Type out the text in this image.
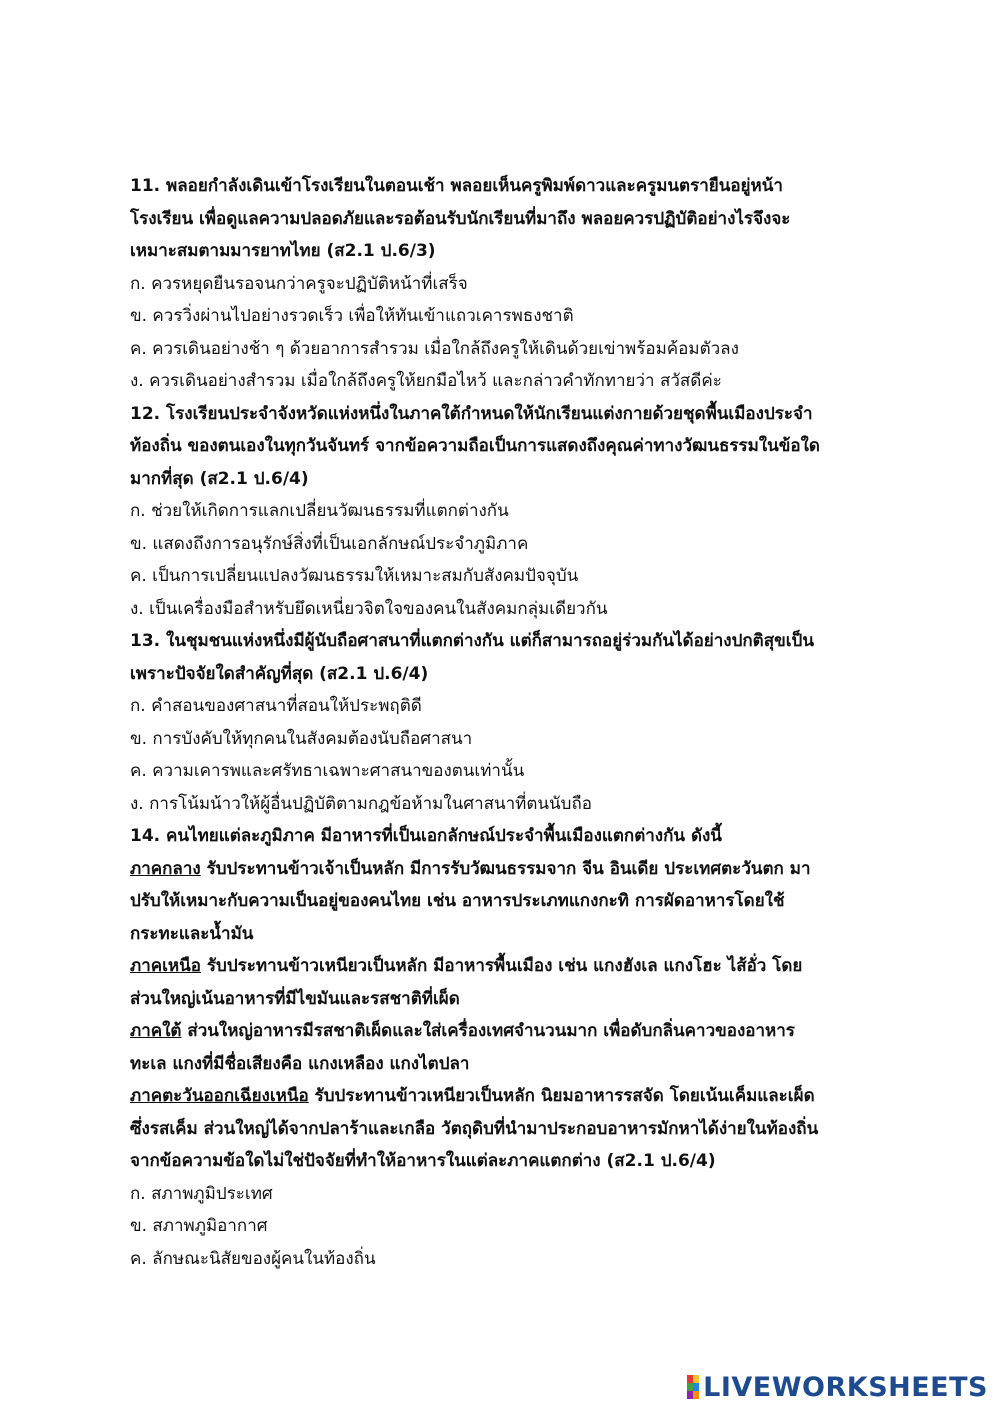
11. พลอยกำลังเดินเข้าโรงเรียนในตอนเช้า พลอยเห็นครูพิมพ์ดาวและครูมนตรายืนอยู่หน้า
โรงเรียน เพื่อดูแลความปลอดภัยและรอต้อนรับนักเรียนที่มาถึง พลอยควรปฏิบัติอย่างไรจึงจะ
เหมาะสมตามมารยาทไทย (ส2.1 ป.6/3)
ก. ควรหยุดยืนรอจนกว่าครูจะปฏิบัติหน้าที่เสร็จ
ข. ควรวิ่งผ่านไปอย่างรวดเร็ว เพื่อให้ทันเข้าแถวเคารพธงชาติ
ค. ควรเดินอย่างช้า ๆ ด้วยอาการสำรวม เมื่อใกล้ถึงครูให้เดินด้วยเข่าพร้อมค้อมตัวลง
ง. ควรเดินอย่างสำรวม เมื่อใกล้ถึงครูให้ยกมือไหว้ และกล่าวคำทักทายว่า สวัสดีค่ะ
12. โรงเรียนประจำจังหวัดแห่งหนึ่งในภาคใต้กำหนดให้นักเรียนแต่งกายด้วยชุดพื้นเมืองประจำ
ท้องถิ่น ของตนเองในทุกวันจันทร์ จากข้อความถือเป็นการแสดงถึงคุณค่าทางวัฒนธรรมในข้อใด
มากที่สุด (ส2.1 ป.6/4)
ก. ช่วยให้เกิดการแลกเปลี่ยนวัฒนธรรมที่แตกต่างกัน
ข. แสดงถึงการอนุรักษ์สิ่งที่เป็นเอกลักษณ์ประจำภูมิภาค
ค. เป็นการเปลี่ยนแปลงวัฒนธรรมให้เหมาะสมกับสังคมปัจจุบัน
ง. เป็นเครื่องมือสำหรับยึดเหนี่ยวจิตใจของคนในสังคมกลุ่มเดียวกัน
13. ในชุมชนแห่งหนึ่งมีผู้นับถือศาสนาที่แตกต่างกัน แต่ก็สามารถอยู่ร่วมกันได้อย่างปกติสุขเป็น
เพราะปัจจัยใดสำคัญที่สุด (ส2.1 ป.6/4)
ก. คำสอนของศาสนาที่สอนให้ประพฤติดี
ข. การบังคับให้ทุกคนในสังคมต้องนับถือศาสนา
ค. ความเคารพและศรัทธาเฉพาะศาสนาของตนเท่านั้น
ง. การโน้มน้าวให้ผู้อื่นปฏิบัติตามกฎข้อห้ามในศาสนาที่ตนนับถือ
14. คนไทยแต่ละภูมิภาค มีอาหารที่เป็นเอกลักษณ์ประจำพื้นเมืองแตกต่างกัน ดังนี้
ภาคกลาง รับประทานข้าวเจ้าเป็นหลัก มีการรับวัฒนธรรมจาก จีน อินเดีย ประเทศตะวันตก มา
ปรับให้เหมาะกับความเป็นอยู่ของคนไทย เช่น อาหารประเภทแกงกะทิ การผัดอาหารโดยใช้
กระทะและน้ำมัน
ภาคเหนือ รับประทานข้าวเหนียวเป็นหลัก มีอาหารพื้นเมือง เช่น แกงฮังเล แกงโฮะ ไส้อั่ว โดย
ส่วนใหญ่เน้นอาหารที่มีไขมันและรสชาติที่เผ็ด
ภาคใต้ ส่วนใหญ่อาหารมีรสชาติเผ็ดและใส่เครื่องเทศจำนวนมาก เพื่อดับกลิ่นคาวของอาหาร
ทะเล แกงที่มีชื่อเสียงคือ แกงเหลือง แกงไตปลา
ภาคตะวันออกเฉียงเหนือ รับประทานข้าวเหนียวเป็นหลัก นิยมอาหารรสจัด โดยเน้นเค็มและเผ็ด
ซึ่งรสเค็ม ส่วนใหญ่ได้จากปลาร้าและเกลือ วัตถุดิบที่นำมาประกอบอาหารมักหาได้ง่ายในท้องถิ่น
จากข้อความข้อใดไม่ใช่ปัจจัยที่ทำให้อาหารในแต่ละภาคแตกต่าง (ส2.1 ป.6/4)
ก. สภาพภูมิประเทศ
ข. สภาพภูมิอากาศ
ค. ลักษณะนิสัยของผู้คนในท้องถิ่น
LIVEWORKSHEETS
